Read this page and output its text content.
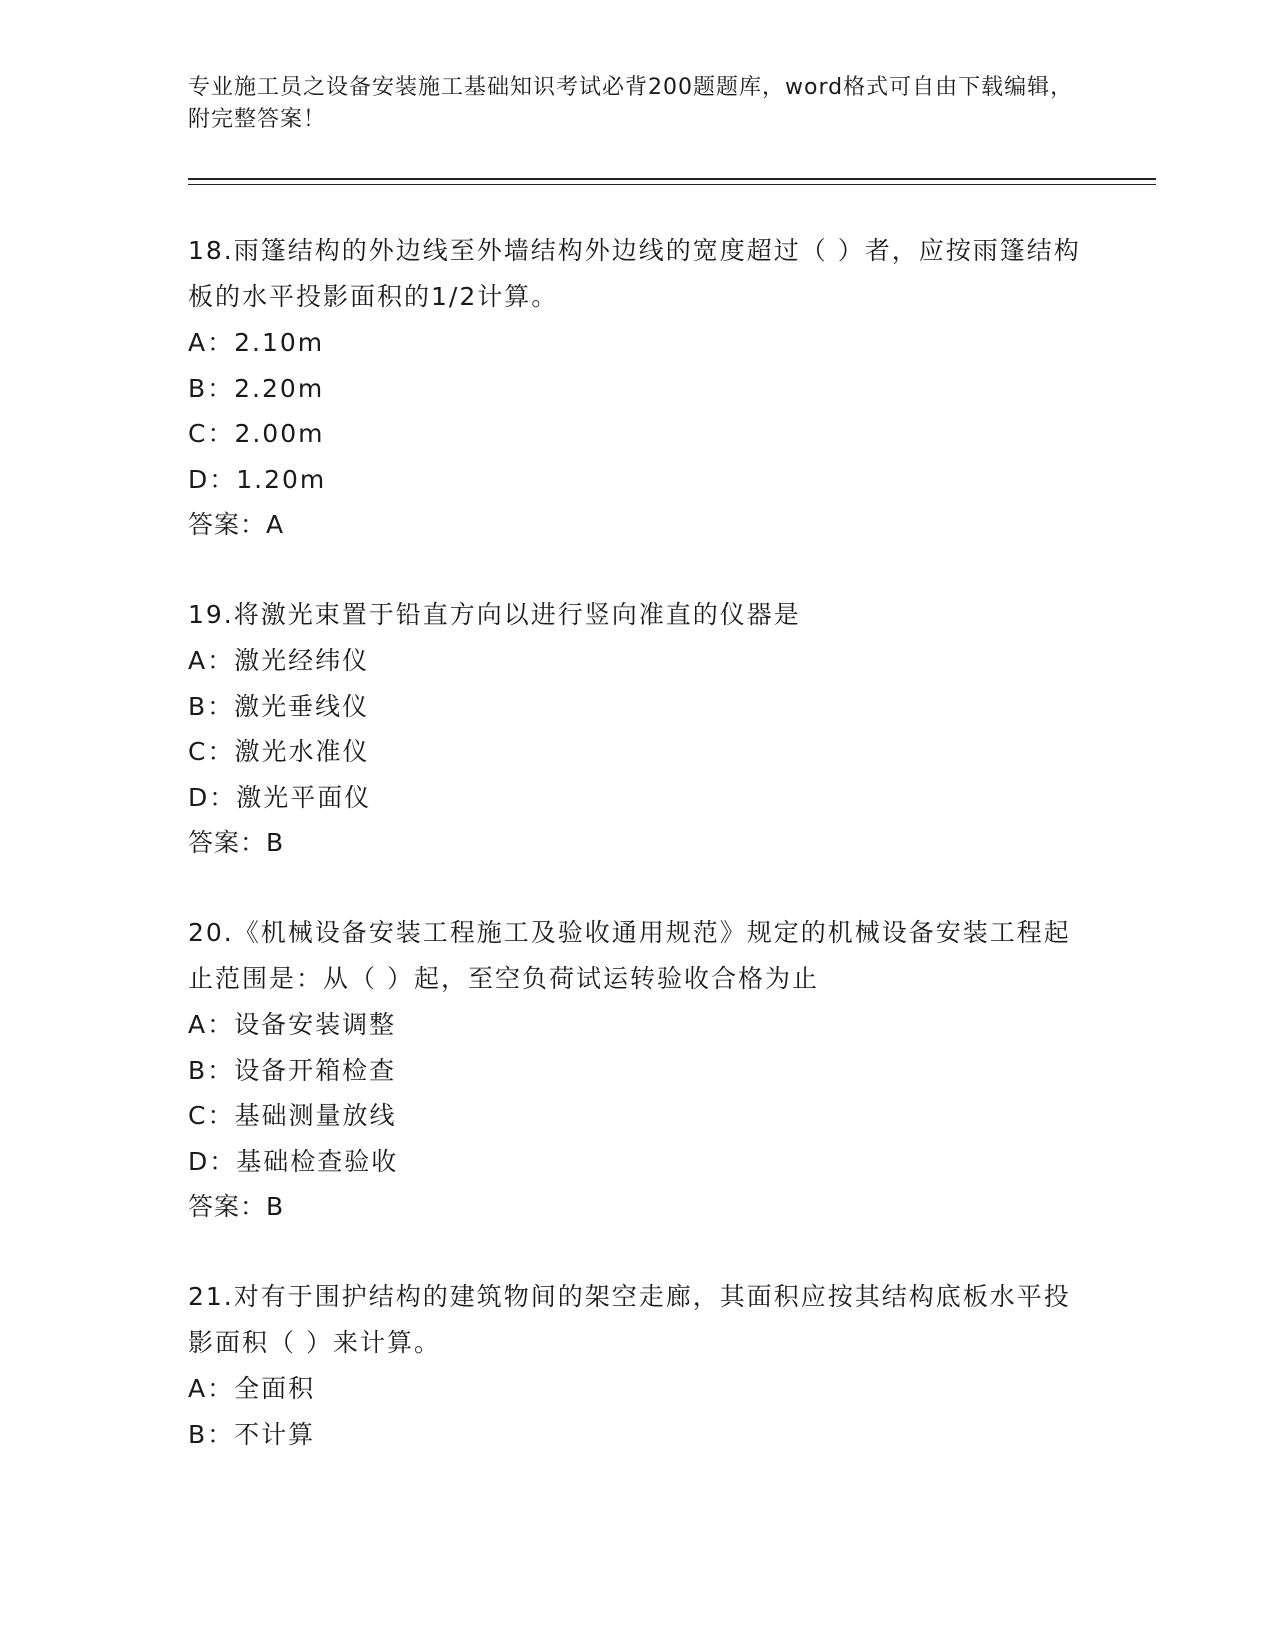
专业施工员之设备安装施工基础知识考试必背200题题库，word格式可自由下载编辑，附完整答案！

18.雨篷结构的外边线至外墙结构外边线的宽度超过（ ）者，应按雨篷结构板的水平投影面积的1/2计算。

A：2.10m

B：2.20m

C：2.00m

D：1.20m

答案：A

19.将激光束置于铅直方向以进行竖向准直的仪器是

A：激光经纬仪

B：激光垂线仪

C：激光水准仪

D：激光平面仪

答案：B

20.《机械设备安装工程施工及验收通用规范》规定的机械设备安装工程起止范围是：从（ ）起，至空负荷试运转验收合格为止

A：设备安装调整

B：设备开箱检查

C：基础测量放线

D：基础检查验收

答案：B

21.对有于围护结构的建筑物间的架空走廊，其面积应按其结构底板水平投影面积（ ）来计算。

A：全面积

B：不计算
